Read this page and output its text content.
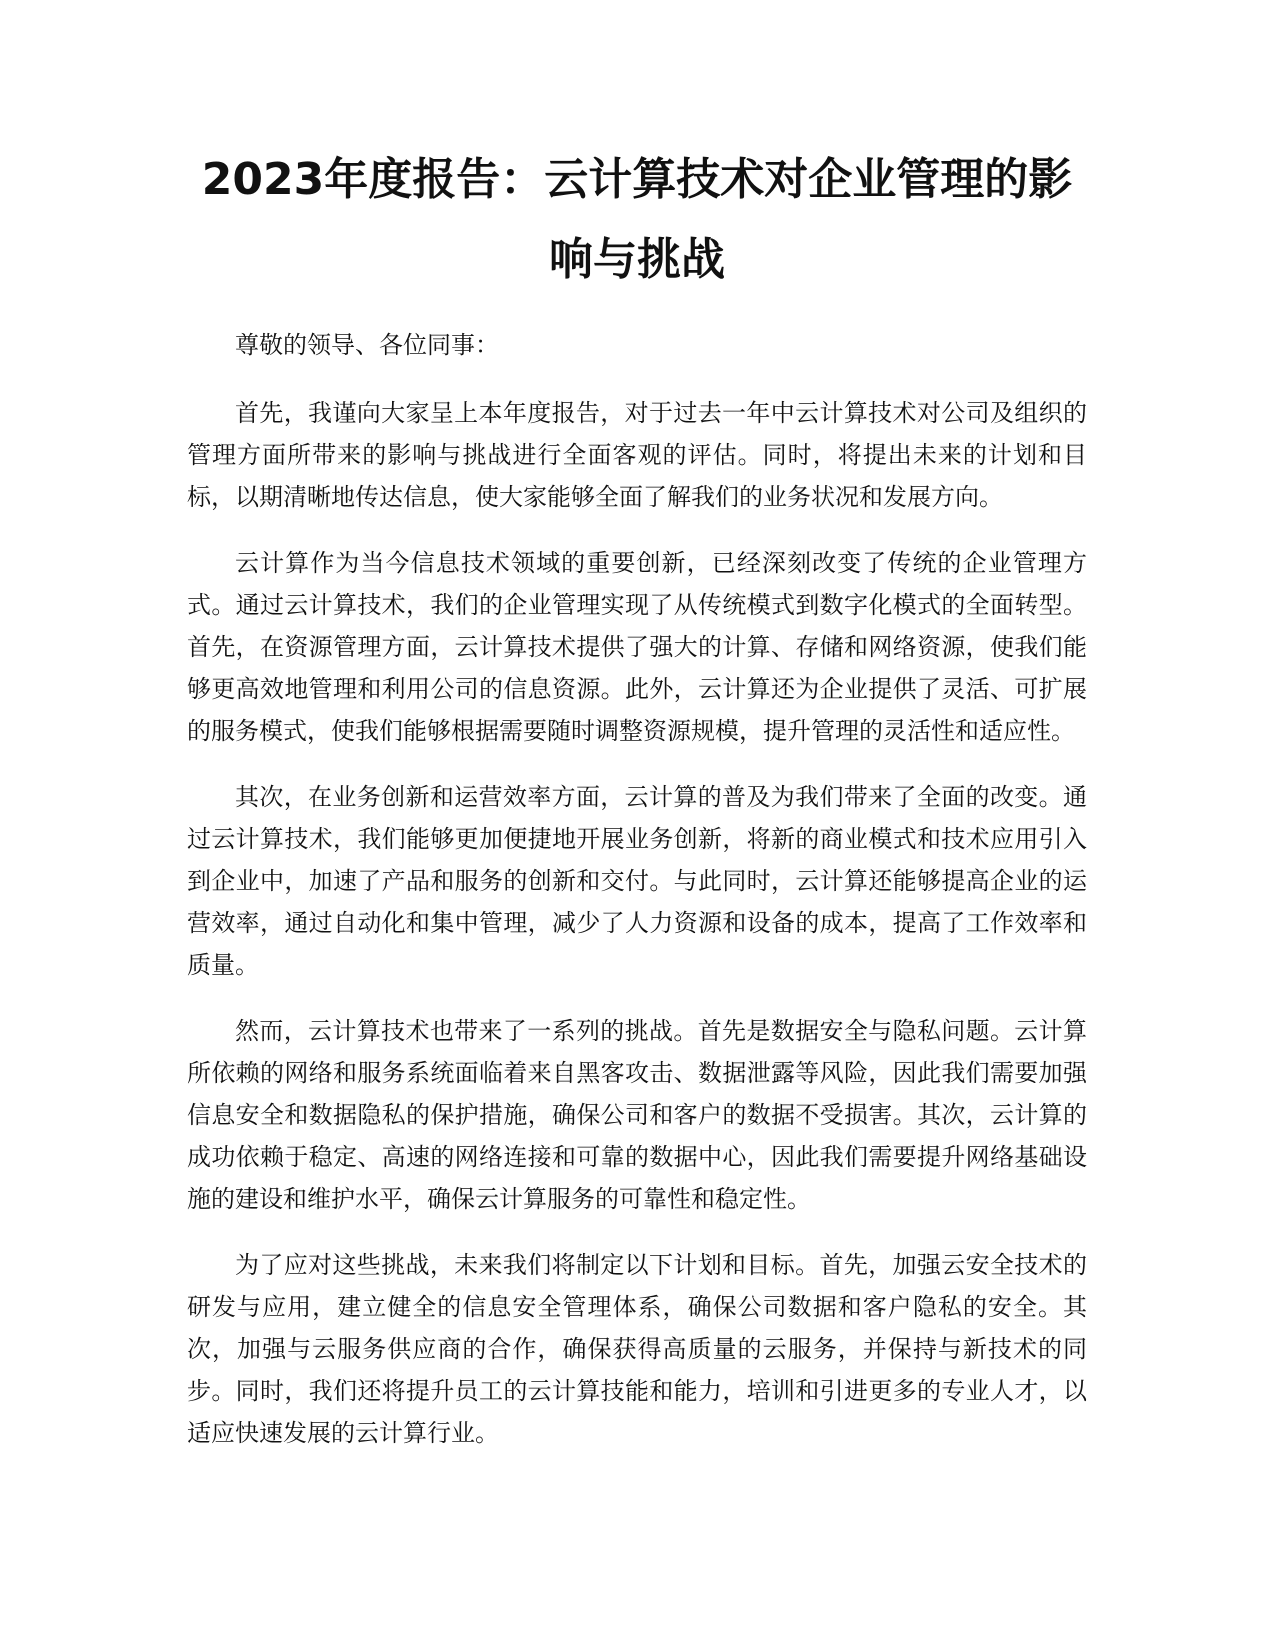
2023年度报告：云计算技术对企业管理的影响与挑战

尊敬的领导、各位同事：

首先，我谨向大家呈上本年度报告，对于过去一年中云计算技术对公司及组织的管理方面所带来的影响与挑战进行全面客观的评估。同时，将提出未来的计划和目标，以期清晰地传达信息，使大家能够全面了解我们的业务状况和发展方向。

云计算作为当今信息技术领域的重要创新，已经深刻改变了传统的企业管理方式。通过云计算技术，我们的企业管理实现了从传统模式到数字化模式的全面转型。首先，在资源管理方面，云计算技术提供了强大的计算、存储和网络资源，使我们能够更高效地管理和利用公司的信息资源。此外，云计算还为企业提供了灵活、可扩展的服务模式，使我们能够根据需要随时调整资源规模，提升管理的灵活性和适应性。

其次，在业务创新和运营效率方面，云计算的普及为我们带来了全面的改变。通过云计算技术，我们能够更加便捷地开展业务创新，将新的商业模式和技术应用引入到企业中，加速了产品和服务的创新和交付。与此同时，云计算还能够提高企业的运营效率，通过自动化和集中管理，减少了人力资源和设备的成本，提高了工作效率和质量。

然而，云计算技术也带来了一系列的挑战。首先是数据安全与隐私问题。云计算所依赖的网络和服务系统面临着来自黑客攻击、数据泄露等风险，因此我们需要加强信息安全和数据隐私的保护措施，确保公司和客户的数据不受损害。其次，云计算的成功依赖于稳定、高速的网络连接和可靠的数据中心，因此我们需要提升网络基础设施的建设和维护水平，确保云计算服务的可靠性和稳定性。

为了应对这些挑战，未来我们将制定以下计划和目标。首先，加强云安全技术的研发与应用，建立健全的信息安全管理体系，确保公司数据和客户隐私的安全。其次，加强与云服务供应商的合作，确保获得高质量的云服务，并保持与新技术的同步。同时，我们还将提升员工的云计算技能和能力，培训和引进更多的专业人才，以适应快速发展的云计算行业。
